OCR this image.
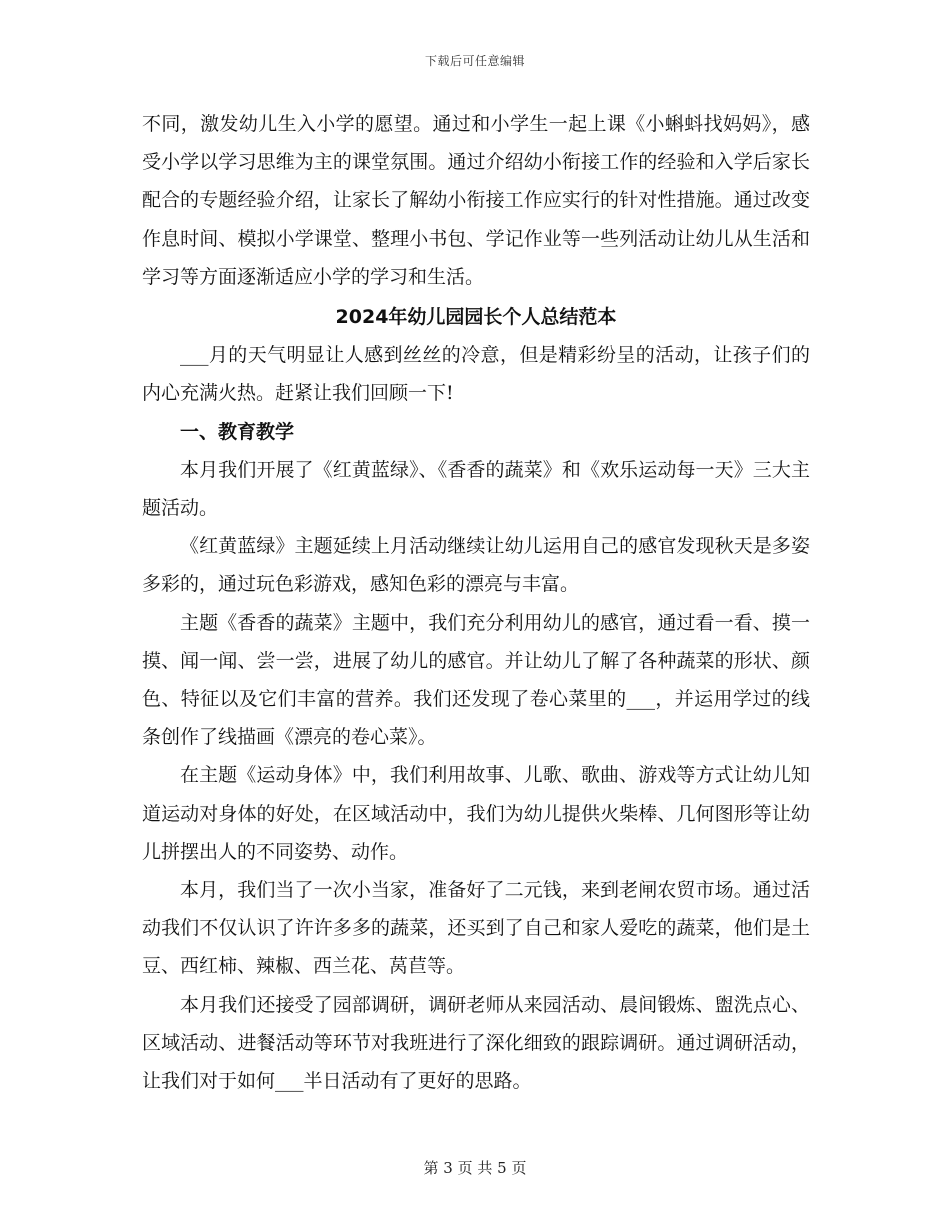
下载后可任意编辑

不同，激发幼儿生入小学的愿望。通过和小学生一起上课《小蝌蚪找妈妈》，感受小学以学习思维为主的课堂氛围。通过介绍幼小衔接工作的经验和入学后家长配合的专题经验介绍，让家长了解幼小衔接工作应实行的针对性措施。通过改变作息时间、模拟小学课堂、整理小书包、学记作业等一些列活动让幼儿从生活和学习等方面逐渐适应小学的学习和生活。

2024年幼儿园园长个人总结范本

___月的天气明显让人感到丝丝的冷意，但是精彩纷呈的活动，让孩子们的内心充满火热。赶紧让我们回顾一下!

一、教育教学

本月我们开展了《红黄蓝绿》、《香香的蔬菜》和《欢乐运动每一天》三大主题活动。

《红黄蓝绿》主题延续上月活动继续让幼儿运用自己的感官发现秋天是多姿多彩的，通过玩色彩游戏，感知色彩的漂亮与丰富。

主题《香香的蔬菜》主题中，我们充分利用幼儿的感官，通过看一看、摸一摸、闻一闻、尝一尝，进展了幼儿的感官。并让幼儿了解了各种蔬菜的形状、颜色、特征以及它们丰富的营养。我们还发现了卷心菜里的___，并运用学过的线条创作了线描画《漂亮的卷心菜》。

在主题《运动身体》中，我们利用故事、儿歌、歌曲、游戏等方式让幼儿知道运动对身体的好处，在区域活动中，我们为幼儿提供火柴棒、几何图形等让幼儿拼摆出人的不同姿势、动作。

本月，我们当了一次小当家，准备好了二元钱，来到老闸农贸市场。通过活动我们不仅认识了许许多多的蔬菜，还买到了自己和家人爱吃的蔬菜，他们是土豆、西红柿、辣椒、西兰花、莴苣等。

本月我们还接受了园部调研，调研老师从来园活动、晨间锻炼、盥洗点心、区域活动、进餐活动等环节对我班进行了深化细致的跟踪调研。通过调研活动，让我们对于如何___半日活动有了更好的思路。

第 3 页 共 5 页
